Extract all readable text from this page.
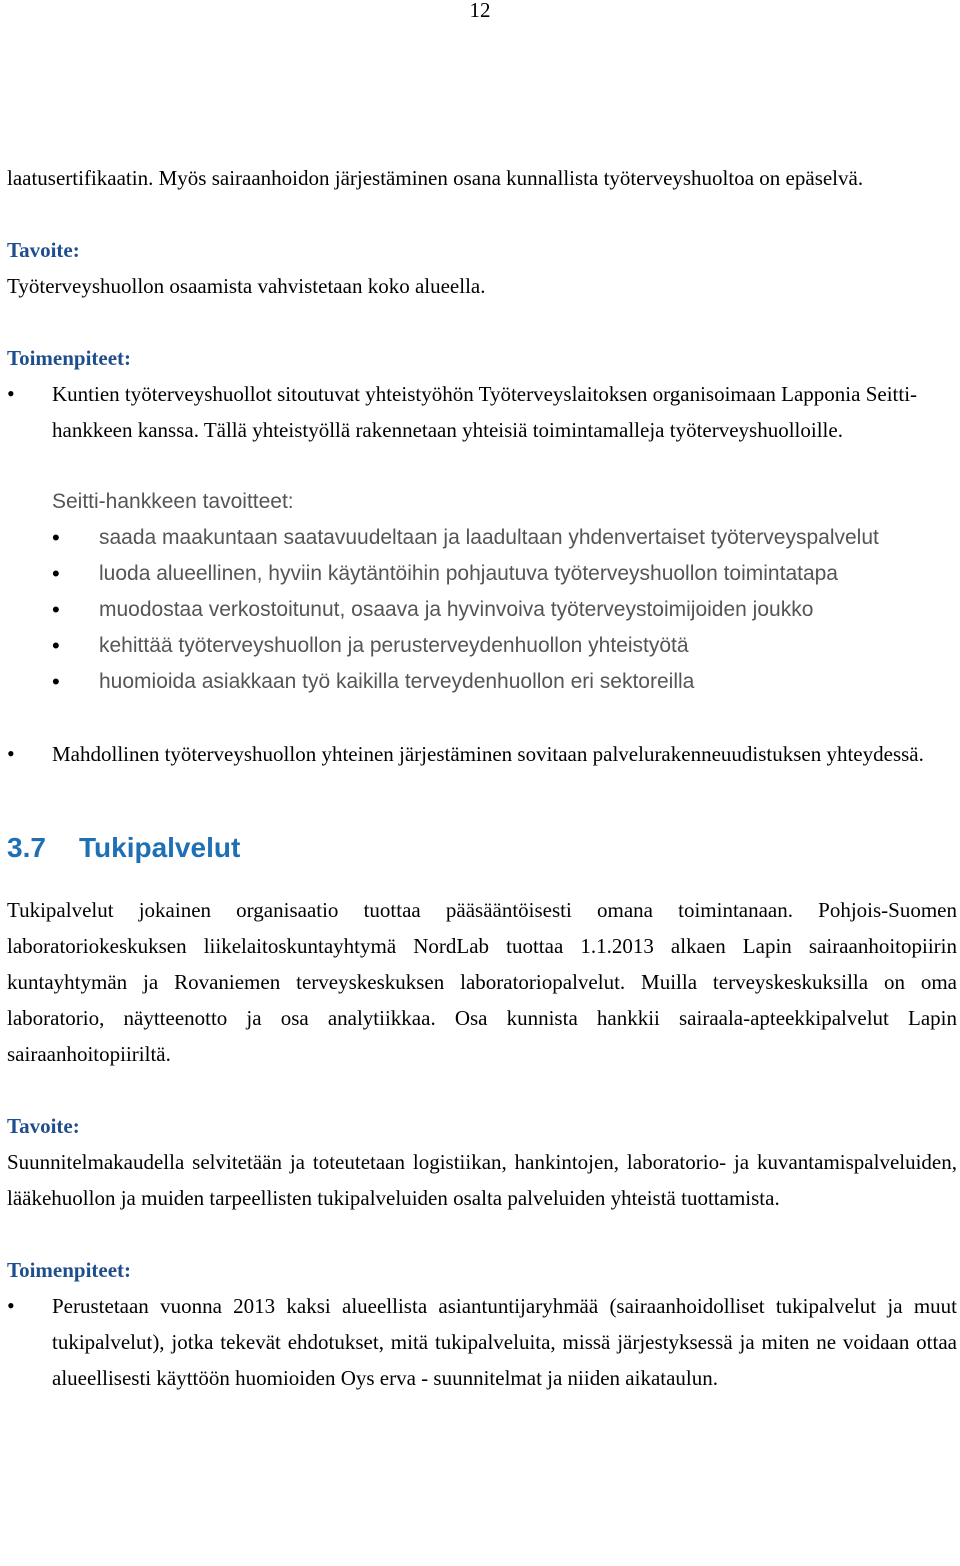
12

laatusertifikaatin. Myös sairaanhoidon järjestäminen osana kunnallista työterveyshuoltoa on epäselvä.

Tavoite:

Työterveyshuollon osaamista vahvistetaan koko alueella.

Toimenpiteet:

• Kuntien työterveyshuollot sitoutuvat yhteistyöhön Työterveyslaitoksen organisoimaan Lapponia Seitti-hankkeen kanssa. Tällä yhteistyöllä rakennetaan yhteisiä toimintamalleja työterveyshuolloille.

Seitti-hankkeen tavoitteet:

• saada maakuntaan saatavuudeltaan ja laadultaan yhdenvertaiset työterveyspalvelut
• luoda alueellinen, hyviin käytäntöihin pohjautuva työterveyshuollon toimintatapa
• muodostaa verkostoitunut, osaava ja hyvinvoiva työterveystoimijoiden joukko
• kehittää työterveyshuollon ja perusterveydenhuollon yhteistyötä
• huomioida asiakkaan työ kaikilla terveydenhuollon eri sektoreilla
• Mahdollinen työterveyshuollon yhteinen järjestäminen sovitaan palvelurakenneuudistuksen yhteydessä.
3.7 Tukipalvelut

Tukipalvelut jokainen organisaatio tuottaa pääsääntöisesti omana toimintanaan. Pohjois-Suomen laboratoriokeskuksen liikelaitoskuntayhtymä NordLab tuottaa 1.1.2013 alkaen Lapin sairaanhoitopiirin kuntayhtymän ja Rovaniemen terveyskeskuksen laboratoriopalvelut. Muilla terveyskeskuksilla on oma laboratorio, näytteenotto ja osa analytiikkaa. Osa kunnista hankkii sairaala-apteekkipalvelut Lapin sairaanhoitopiiriltä.

Tavoite:

Suunnitelmakaudella selvitetään ja toteutetaan logistiikan, hankintojen, laboratorio- ja kuvantamispalveluiden, lääkehuollon ja muiden tarpeellisten tukipalveluiden osalta palveluiden yhteistä tuottamista.

Toimenpiteet:

• Perustetaan vuonna 2013 kaksi alueellista asiantuntijaryhmää (sairaanhoidolliset tukipalvelut ja muut tukipalvelut), jotka tekevät ehdotukset, mitä tukipalveluita, missä järjestyksessä ja miten ne voidaan ottaa alueellisesti käyttöön huomioiden Oys erva - suunnitelmat ja niiden aikataulun.
